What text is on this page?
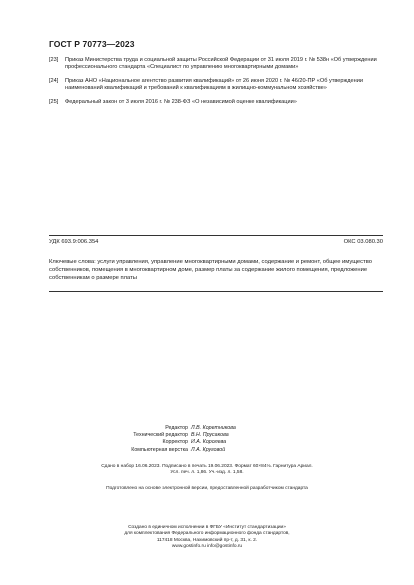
ГОСТ Р 70773—2023
[23]	Приказ Министерства труда и социальной защиты Российской Федерации от 31 июля 2019 г. № 538н «Об утверждении профессионального стандарта «Специалист по управлению многоквартирными домами»
[24]	Приказ АНО «Национальное агентство развития квалификаций» от 26 июня 2020 г. № 46/20-ПР «Об утверждении наименований квалификаций и требований к квалификациям в жилищно-коммунальном хозяйстве»
[25]	Федеральный закон от 3 июля 2016 г. № 238-ФЗ «О независимой оценке квалификации»
УДК 693.9:006.354	ОКС 03.080.30
Ключевые слова: услуги управления, управление многоквартирными домами, содержание и ремонт, общее имущество собственников, помещения в многоквартирном доме, размер платы за содержание жилого помещения, предложение собственникам о размере платы
Редактор Л.В. Коретникова
Технический редактор В.Н. Прусакова
Корректор И.А. Королева
Компьютерная верстка Л.А. Круговой
Сдано в набор 16.06.2023. Подписано в печать 19.06.2023. Формат 60×84⅛. Гарнитура Ариал.
Усл. печ. л. 1,86. Уч.-изд. л. 1,58.
Подготовлено на основе электронной версии, предоставленной разработчиком стандарта
Создано в единичном исполнении в ФГБУ «Институт стандартизации»
для комплектования Федерального информационного фонда стандартов,
117418 Москва, Нахимовский пр-т, д. 31, к. 2.
www.gostinfo.ru info@gostinfo.ru
